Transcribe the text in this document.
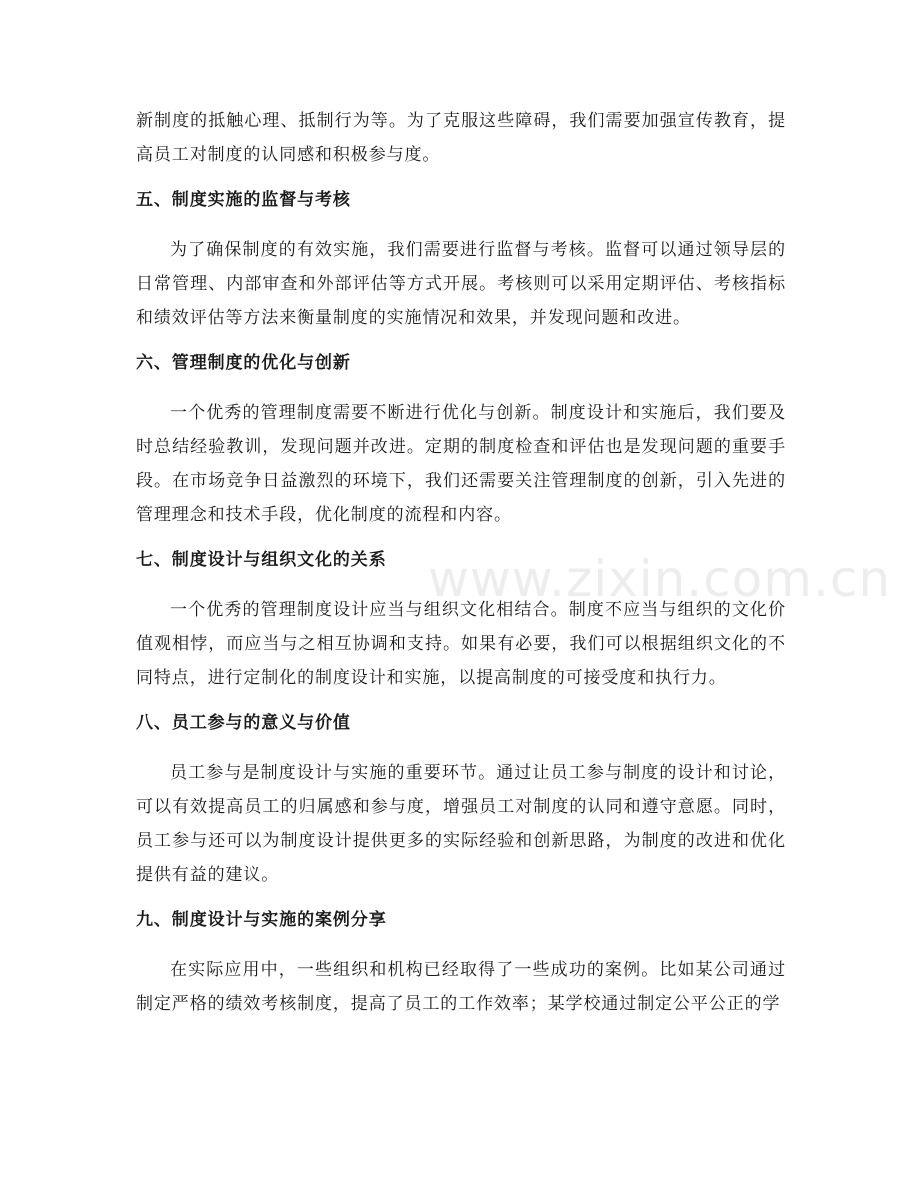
www.zixin.com.cn

新制度的抵触心理、抵制行为等。为了克服这些障碍，我们需要加强宣传教育，提高员工对制度的认同感和积极参与度。

五、制度实施的监督与考核

为了确保制度的有效实施，我们需要进行监督与考核。监督可以通过领导层的日常管理、内部审查和外部评估等方式开展。考核则可以采用定期评估、考核指标和绩效评估等方法来衡量制度的实施情况和效果，并发现问题和改进。

六、管理制度的优化与创新

一个优秀的管理制度需要不断进行优化与创新。制度设计和实施后，我们要及时总结经验教训，发现问题并改进。定期的制度检查和评估也是发现问题的重要手段。在市场竞争日益激烈的环境下，我们还需要关注管理制度的创新，引入先进的管理理念和技术手段，优化制度的流程和内容。

七、制度设计与组织文化的关系

一个优秀的管理制度设计应当与组织文化相结合。制度不应当与组织的文化价值观相悖，而应当与之相互协调和支持。如果有必要，我们可以根据组织文化的不同特点，进行定制化的制度设计和实施，以提高制度的可接受度和执行力。

八、员工参与的意义与价值

员工参与是制度设计与实施的重要环节。通过让员工参与制度的设计和讨论，可以有效提高员工的归属感和参与度，增强员工对制度的认同和遵守意愿。同时，员工参与还可以为制度设计提供更多的实际经验和创新思路，为制度的改进和优化提供有益的建议。

九、制度设计与实施的案例分享

在实际应用中，一些组织和机构已经取得了一些成功的案例。比如某公司通过制定严格的绩效考核制度，提高了员工的工作效率；某学校通过制定公平公正的学
